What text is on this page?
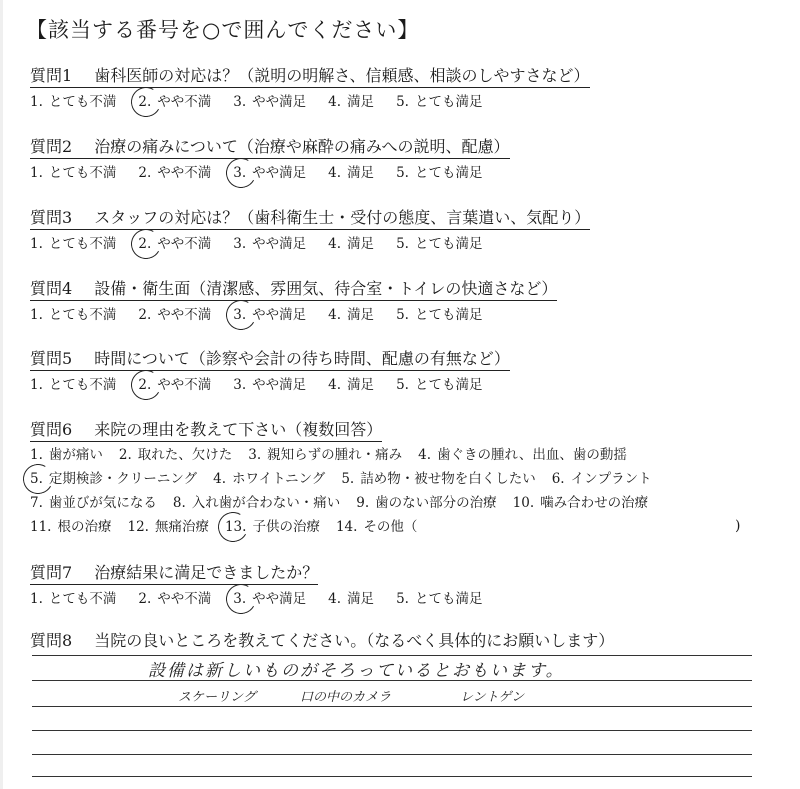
【該当する番号を○で囲んでください】
質問1 歯科医師の対応は？（説明の明解さ、信頼感、相談のしやすさなど）
1. とても不満 2. やや不満 3. やや満足 4. 満足 5. とても満足
質問2 治療の痛みについて（治療や麻酔の痛みへの説明、配慮）
1. とても不満 2. やや不満 3. やや満足 4. 満足 5. とても満足
質問3 スタッフの対応は？（歯科衛生士・受付の態度、言葉遣い、気配り）
1. とても不満 2. やや不満 3. やや満足 4. 満足 5. とても満足
質問4 設備・衛生面（清潔感、雰囲気、待合室・トイレの快適さなど）
1. とても不満 2. やや不満 3. やや満足 4. 満足 5. とても満足
質問5 時間について（診察や会計の待ち時間、配慮の有無など）
1. とても不満 2. やや不満 3. やや満足 4. 満足 5. とても満足
質問6 来院の理由を教えて下さい（複数回答）
1. 歯が痛い 2. 取れた、欠けた 3. 親知らずの腫れ・痛み 4. 歯ぐきの腫れ、出血、歯の動揺
5. 定期検診・クリーニング 4. ホワイトニング 5. 詰め物・被せ物を白くしたい 6. インプラント
7. 歯並びが気になる 8. 入れ歯が合わない・痛い 9. 歯のない部分の治療 10. 噛み合わせの治療
11. 根の治療 12. 無痛治療 13. 子供の治療 14. その他（	)
質問7 治療結果に満足できましたか？
1. とても不満 2. やや不満 3. やや満足 4. 満足 5. とても満足
質問8 当院の良いところを教えてください。（なるべく具体的にお願いします）
設備は新しいものがそろっているとおもいます。
スケーリング	口の中のカメラ	レントゲン
